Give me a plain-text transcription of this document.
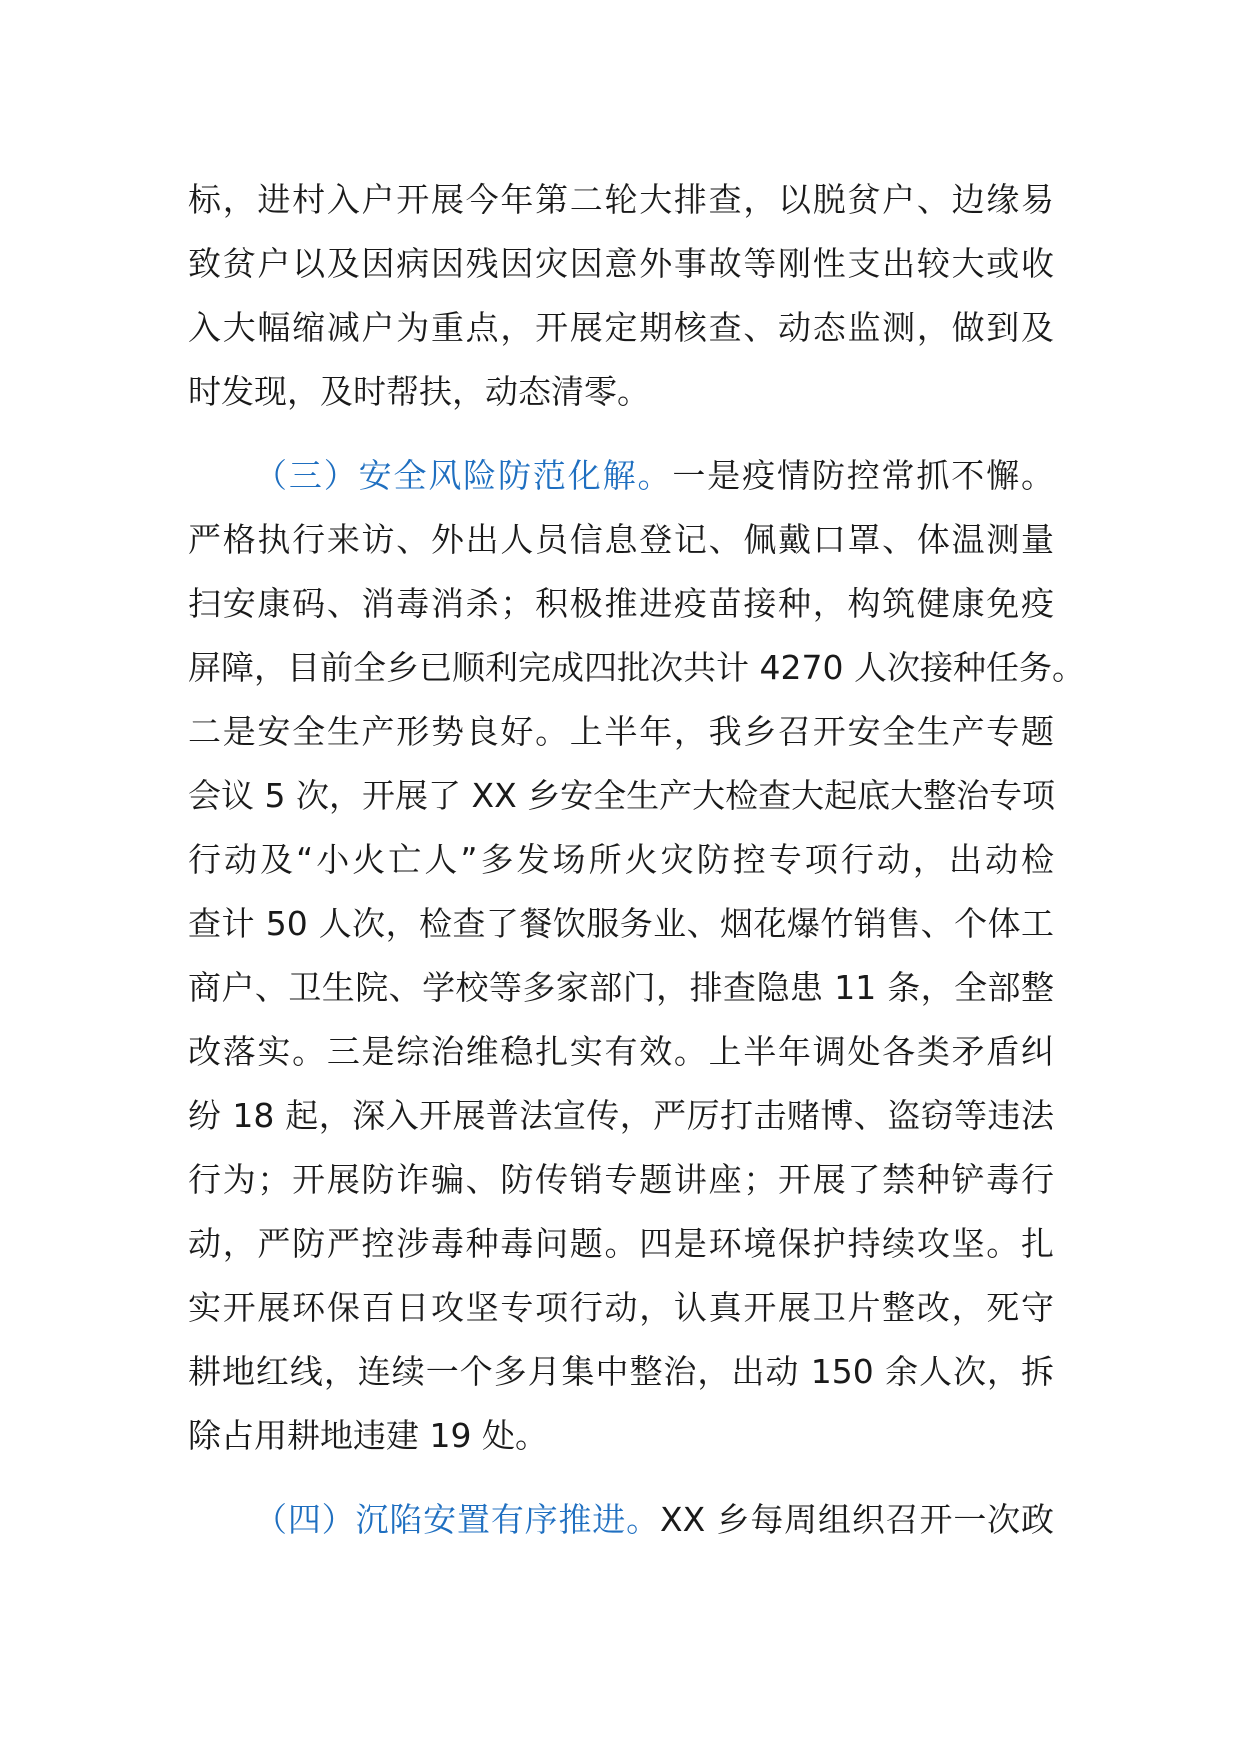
标，进村入户开展今年第二轮大排查，以脱贫户、边缘易
致贫户以及因病因残因灾因意外事故等刚性支出较大或收
入大幅缩减户为重点，开展定期核查、动态监测，做到及
时发现，及时帮扶，动态清零。
（三）安全风险防范化解。一是疫情防控常抓不懈。
严格执行来访、外出人员信息登记、佩戴口罩、体温测量
扫安康码、消毒消杀；积极推进疫苗接种，构筑健康免疫
屏障，目前全乡已顺利完成四批次共计 4270 人次接种任务。
二是安全生产形势良好。上半年，我乡召开安全生产专题
会议 5 次，开展了 XX 乡安全生产大检查大起底大整治专项
行动及“小火亡人”多发场所火灾防控专项行动，出动检
查计 50 人次，检查了餐饮服务业、烟花爆竹销售、个体工
商户、卫生院、学校等多家部门，排查隐患 11 条，全部整
改落实。三是综治维稳扎实有效。上半年调处各类矛盾纠
纷 18 起，深入开展普法宣传，严厉打击赌博、盗窃等违法
行为；开展防诈骗、防传销专题讲座；开展了禁种铲毒行
动，严防严控涉毒种毒问题。四是环境保护持续攻坚。扎
实开展环保百日攻坚专项行动，认真开展卫片整改，死守
耕地红线，连续一个多月集中整治，出动 150 余人次，拆
除占用耕地违建 19 处。
（四）沉陷安置有序推进。XX 乡每周组织召开一次政
